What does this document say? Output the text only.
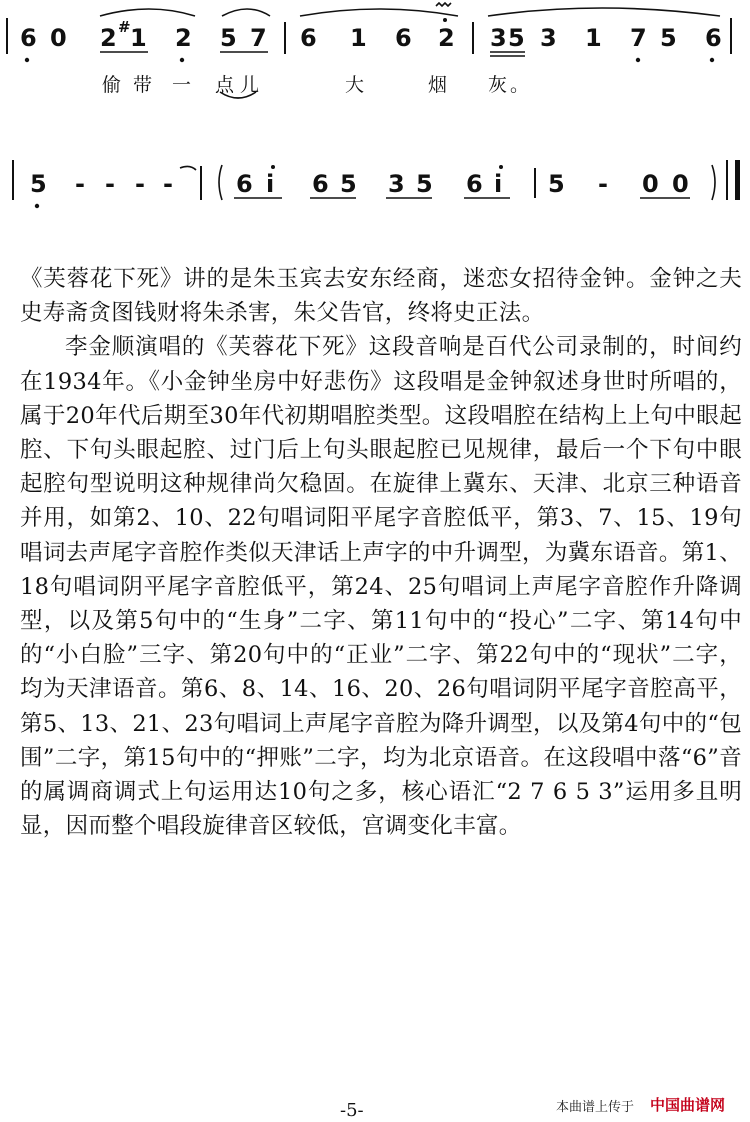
6 0 2 # 1 2 5 7 6 1 6 2 3 5 3 1 7 5 6
偷 带 一 点 儿	大	烟 灰 。
5 - - - -	6 i 6 5 3 5 6 i 5 - 0 0

《芙蓉花下死》讲的是朱玉宾去安东经商，迷恋女招待金钟。金钟之夫史寿斋贪图钱财将朱杀害，朱父告官，终将史正法。

李金顺演唱的《芙蓉花下死》这段音响是百代公司录制的，时间约在1934年。《小金钟坐房中好悲伤》这段唱是金钟叙述身世时所唱的，属于20年代后期至30年代初期唱腔类型。这段唱腔在结构上上句中眼起腔、下句头眼起腔、过门后上句头眼起腔已见规律，最后一个下句中眼起腔句型说明这种规律尚欠稳固。在旋律上冀东、天津、北京三种语音并用，如第2、10、22句唱词阳平尾字音腔低平，第3、7、15、19句唱词去声尾字音腔作类似天津话上声字的中升调型，为冀东语音。第1、18句唱词阴平尾字音腔低平，第24、25句唱词上声尾字音腔作升降调型，以及第5句中的“生身”二字、第11句中的“投心”二字、第14句中的“小白脸”三字、第20句中的“正业”二字、第22句中的“现状”二字，均为天津语音。第6、8、14、16、20、26句唱词阴平尾字音腔高平，第5、13、21、23句唱词上声尾字音腔为降升调型，以及第4句中的“包围”二字，第15句中的“押账”二字，均为北京语音。在这段唱中落“6”音的属调商调式上句运用达10句之多，核心语汇“2 7 6 5 3”运用多且明显，因而整个唱段旋律音区较低，宫调变化丰富。

-5-	本曲谱上传于 中国曲谱网
